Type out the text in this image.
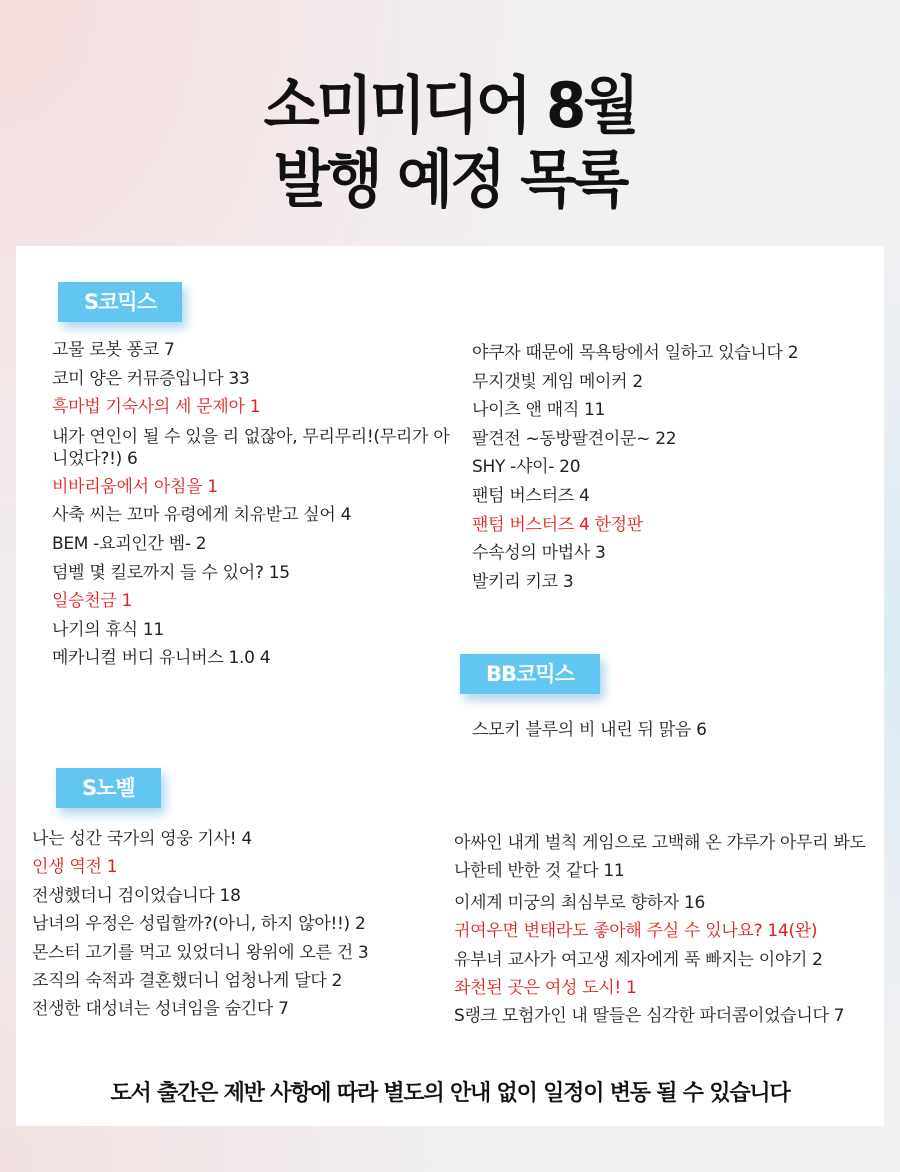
소미미디어 8월
발행 예정 목록
S코믹스
고물 로봇 퐁코 7
코미 양은 커뮤증입니다 33
흑마법 기숙사의 세 문제아 1
내가 연인이 될 수 있을 리 없잖아, 무리무리!(무리가 아니었다?!) 6
비바리움에서 아침을 1
사축 씨는 꼬마 유령에게 치유받고 싶어 4
BEM -요괴인간 벰- 2
덤벨 몇 킬로까지 들 수 있어? 15
일승천금 1
나기의 휴식 11
메카니컬 버디 유니버스 1.0 4
야쿠자 때문에 목욕탕에서 일하고 있습니다 2
무지갯빛 게임 메이커 2
나이츠 앤 매직 11
팔견전 ~동방팔견이문~ 22
SHY -샤이- 20
팬텀 버스터즈 4
팬텀 버스터즈 4 한정판
수속성의 마법사 3
발키리 키코 3
BB코믹스
스모키 블루의 비 내린 뒤 맑음 6
S노벨
나는 성간 국가의 영웅 기사! 4
인생 역전 1
전생했더니 검이었습니다 18
남녀의 우정은 성립할까?(아니, 하지 않아!!) 2
몬스터 고기를 먹고 있었더니 왕위에 오른 건 3
조직의 숙적과 결혼했더니 엄청나게 달다 2
전생한 대성녀는 성녀임을 숨긴다 7
아싸인 내게 벌칙 게임으로 고백해 온 갸루가 아무리 봐도 나한테 반한 것 같다 11
이세계 미궁의 최심부로 향하자 16
귀여우면 변태라도 좋아해 주실 수 있나요? 14(완)
유부녀 교사가 여고생 제자에게 푹 빠지는 이야기 2
좌천된 곳은 여성 도시! 1
S랭크 모험가인 내 딸들은 심각한 파더콤이었습니다 7
도서 출간은 제반 사항에 따라 별도의 안내 없이 일정이 변동 될 수 있습니다
